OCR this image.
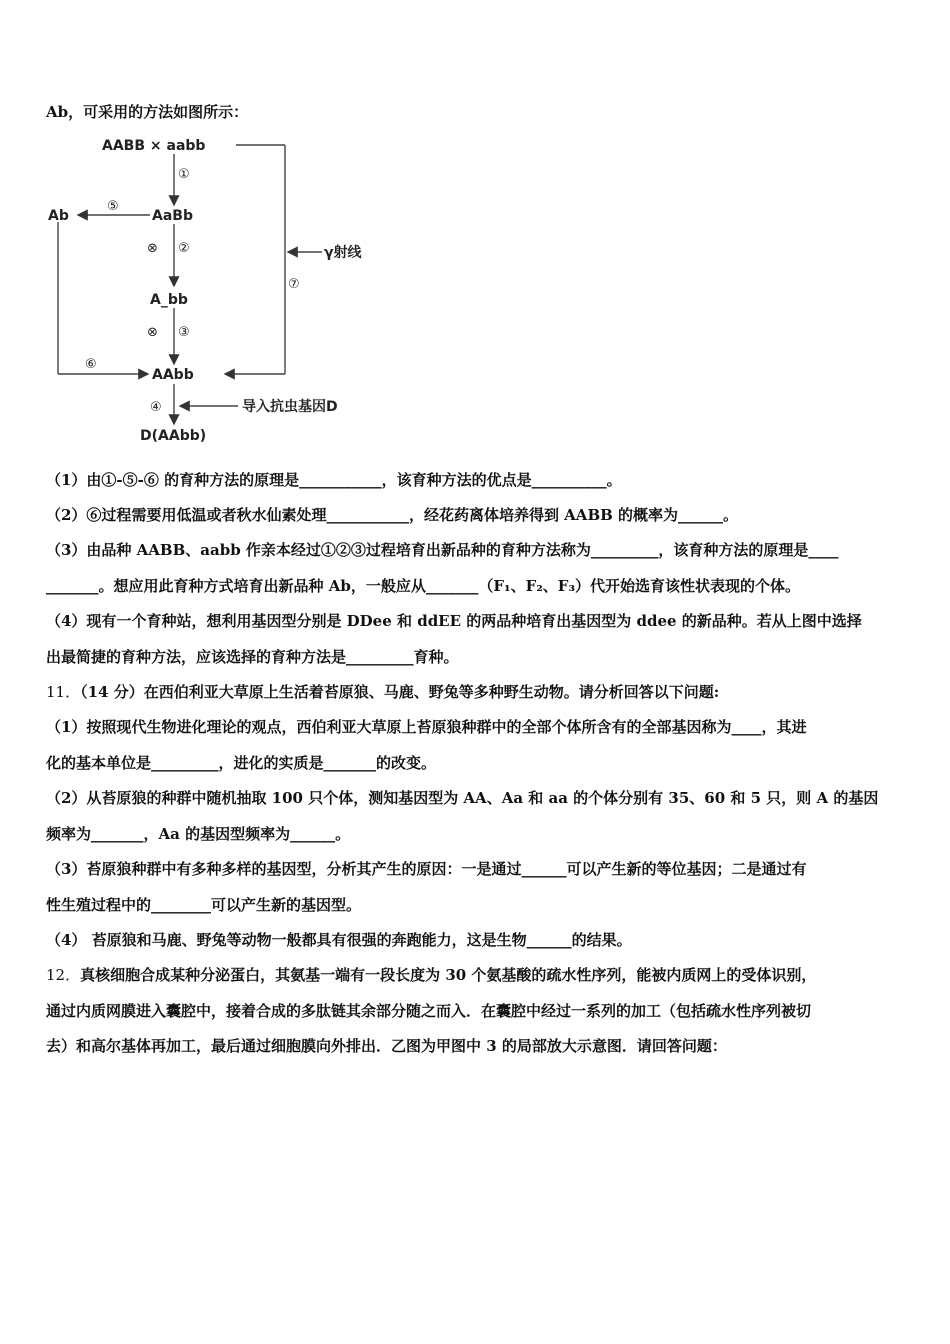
Ab，可采用的方法如图所示：
AABB × aabb
AaBb
Ab
A_bb
AAbb
D(AAbb)
γ射线
导入抗虫基因D
①
⑤
⊗ ②
⊗ ③
⑥
⑦
④
（1）由①-⑤-⑥ 的育种方法的原理是___________，该育种方法的优点是__________。
（2）⑥过程需要用低温或者秋水仙素处理___________，经花药离体培养得到 AABB 的概率为______。
（3）由品种 AABB、aabb 作亲本经过①②③过程培育出新品种的育种方法称为_________，该育种方法的原理是____
_______。想应用此育种方式培育出新品种 Ab，一般应从_______（F₁、F₂、F₃）代开始选育该性状表现的个体。
（4）现有一个育种站，想利用基因型分别是 DDee 和 ddEE 的两品种培育出基因型为 ddee 的新品种。若从上图中选择
出最简捷的育种方法，应该选择的育种方法是_________育种。
11．（14 分）在西伯利亚大草原上生活着苔原狼、马鹿、野兔等多种野生动物。请分析回答以下问题:
（1）按照现代生物进化理论的观点，西伯利亚大草原上苔原狼种群中的全部个体所含有的全部基因称为____，其进
化的基本单位是_________，进化的实质是_______的改变。
（2）从苔原狼的种群中随机抽取 100 只个体，测知基因型为 AA、Aa 和 aa 的个体分别有 35、60 和 5 只，则 A 的基因
频率为_______，Aa 的基因型频率为______。
（3）苔原狼种群中有多种多样的基因型，分析其产生的原因：一是通过______可以产生新的等位基因；二是通过有
性生殖过程中的________可以产生新的基因型。
（4） 苔原狼和马鹿、野兔等动物一般都具有很强的奔跑能力，这是生物______的结果。
12．真核细胞合成某种分泌蛋白，其氨基一端有一段长度为 30 个氨基酸的疏水性序列，能被内质网上的受体识别，
通过内质网膜进入囊腔中，接着合成的多肽链其余部分随之而入．在囊腔中经过一系列的加工（包括疏水性序列被切
去）和高尔基体再加工，最后通过细胞膜向外排出．乙图为甲图中 3 的局部放大示意图．请回答问题：
